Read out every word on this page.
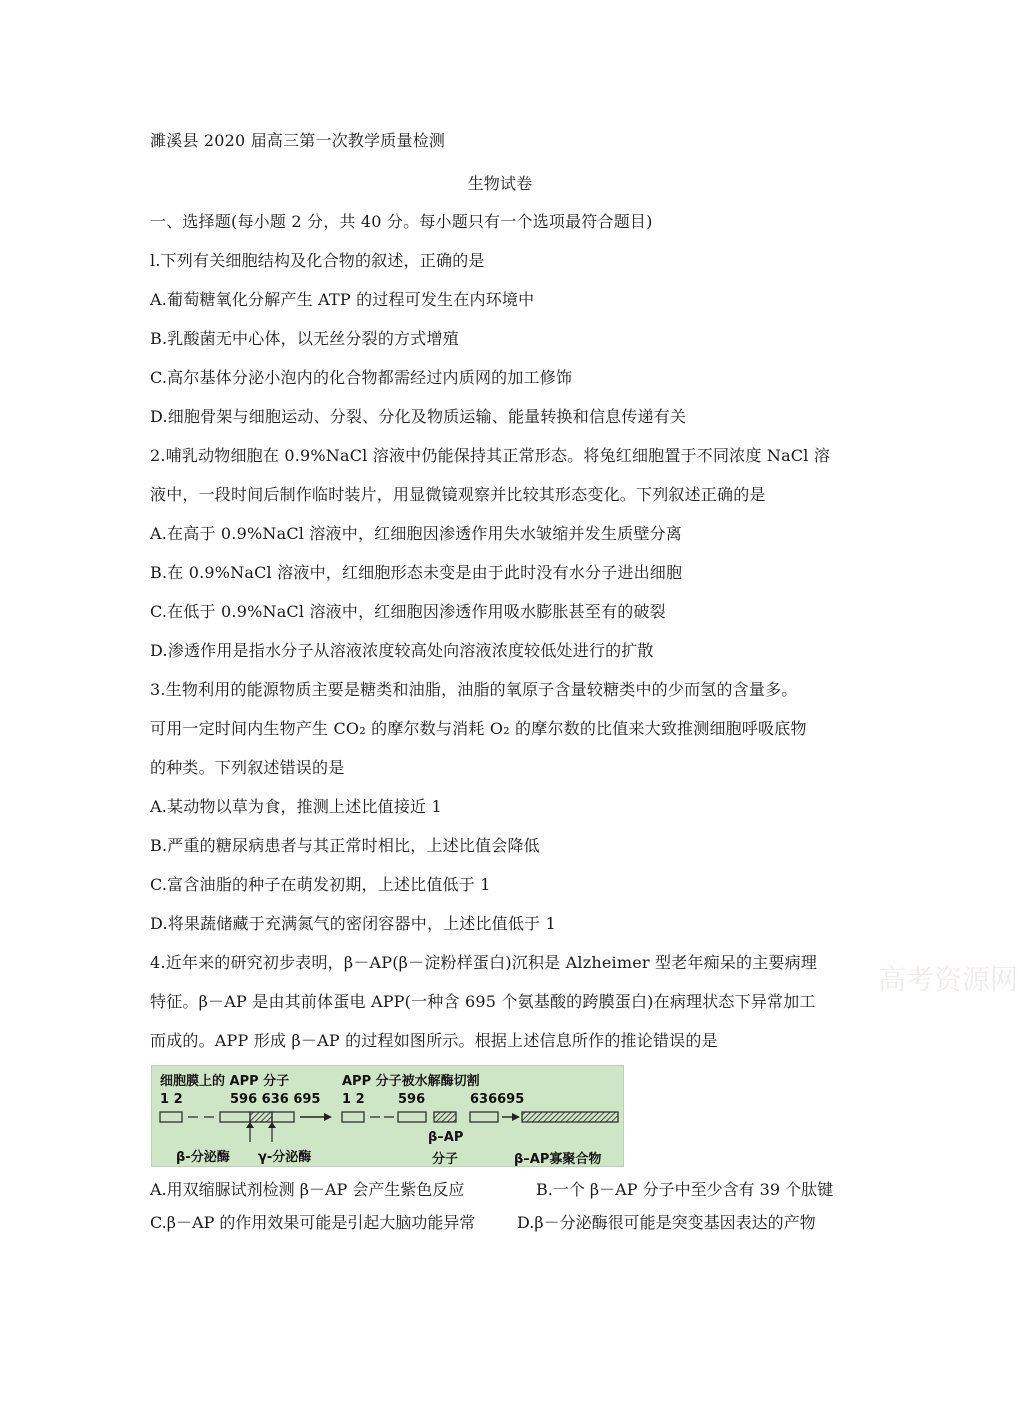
濉溪县 2020 届高三第一次教学质量检测
生物试卷
一、选择题(每小题 2 分，共 40 分。每小题只有一个选项最符合题目)
l.下列有关细胞结构及化合物的叙述，正确的是
A.葡萄糖氧化分解产生 ATP 的过程可发生在内环境中
B.乳酸菌无中心体，以无丝分裂的方式增殖
C.高尔基体分泌小泡内的化合物都需经过内质网的加工修饰
D.细胞骨架与细胞运动、分裂、分化及物质运输、能量转换和信息传递有关
2.哺乳动物细胞在 0.9%NaCl 溶液中仍能保持其正常形态。将兔红细胞置于不同浓度 NaCl 溶
液中，一段时间后制作临时装片，用显微镜观察并比较其形态变化。下列叙述正确的是
A.在高于 0.9%NaCl 溶液中，红细胞因渗透作用失水皱缩并发生质壁分离
B.在 0.9%NaCl 溶液中，红细胞形态未变是由于此时没有水分子进出细胞
C.在低于 0.9%NaCl 溶液中，红细胞因渗透作用吸水膨胀甚至有的破裂
D.渗透作用是指水分子从溶液浓度较高处向溶液浓度较低处进行的扩散
3.生物利用的能源物质主要是糖类和油脂，油脂的氧原子含量较糖类中的少而氢的含量多。
可用一定时间内生物产生 CO₂ 的摩尔数与消耗 O₂ 的摩尔数的比值来大致推测细胞呼吸底物
的种类。下列叙述错误的是
A.某动物以草为食，推测上述比值接近 1
B.严重的糖尿病患者与其正常时相比，上述比值会降低
C.富含油脂的种子在萌发初期，上述比值低于 1
D.将果蔬储藏于充满氮气的密闭容器中，上述比值低于 1
4.近年来的研究初步表明，β－AP(β－淀粉样蛋白)沉积是 Alzheimer 型老年痴呆的主要病理
特征。β－AP 是由其前体蛋电 APP(一种含 695 个氨基酸的跨膜蛋白)在病理状态下异常加工
而成的。APP 形成 β－AP 的过程如图所示。根据上述信息所作的推论错误的是
高考资源网
细胞膜上的 APP 分子	APP 分子被水解酶切割
1 2	596 636 695 1 2	596	636695
β-分泌酶 γ-分泌酶
β–AP
分子	β–AP寡聚合物
A.用双缩脲试剂检测 β－AP 会产生紫色反应	B.一个 β－AP 分子中至少含有 39 个肽键
C.β－AP 的作用效果可能是引起大脑功能异常	D.β－分泌酶很可能是突变基因表达的产物
